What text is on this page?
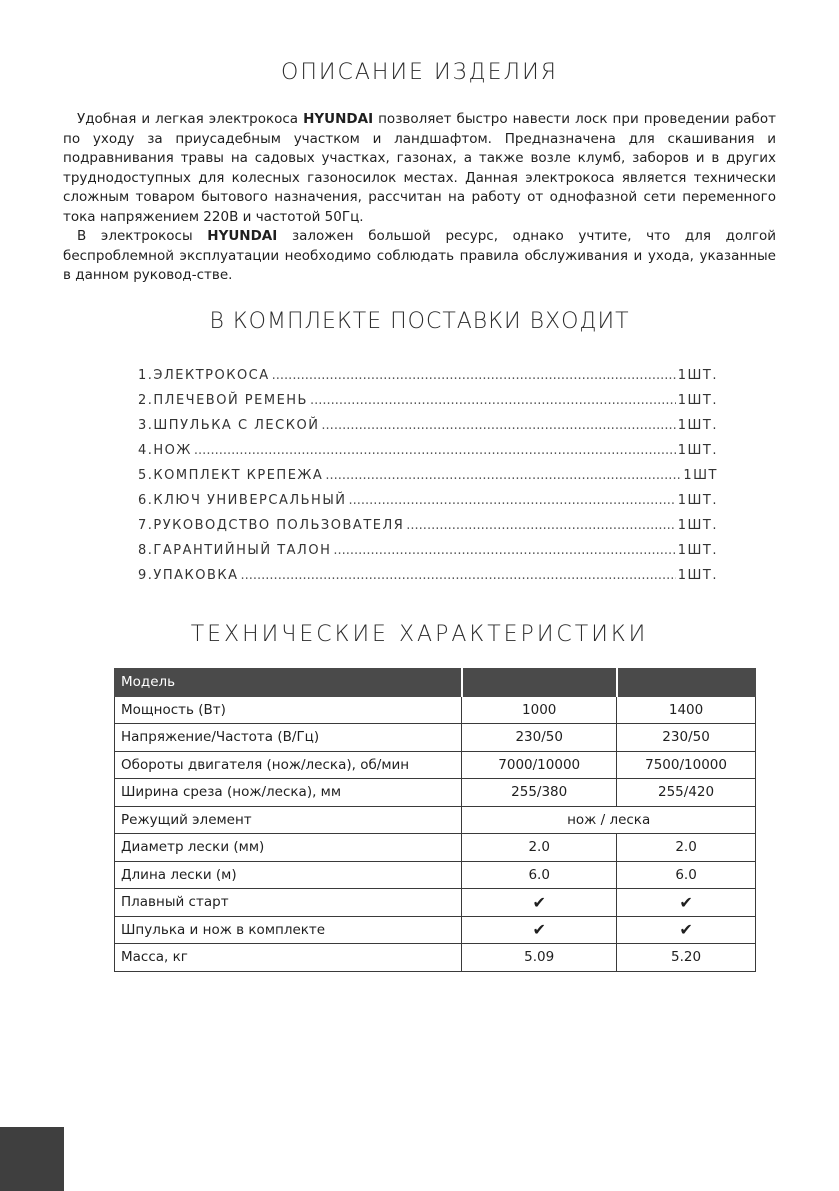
ОПИСАНИЕ ИЗДЕЛИЯ

Удобная и легкая электрокоса HYUNDAI позволяет быстро навести лоск при проведении работ по уходу за приусадебным участком и ландшафтом. Предназначена для скашивания и подравнивания травы на садовых участках, газонах, а также возле клумб, заборов и в других труднодоступных для колесных газоносилок местах. Данная электрокоса является технически сложным товаром бытового назначения, рассчитан на работу от однофазной сети переменного тока напряжением 220В и частотой 50Гц.

В электрокосы HYUNDAI заложен большой ресурс, однако учтите, что для долгой беспроблемной эксплуатации необходимо соблюдать правила обслуживания и ухода, указанные в данном руковод-стве.

В КОМПЛЕКТЕ ПОСТАВКИ ВХОДИТ
1.ЭЛЕКТРОКОСА .....	1ШТ.
2.ПЛЕЧЕВОЙ РЕМЕНЬ .....	1ШТ.
3.ШПУЛЬКА С ЛЕСКОЙ .....	1ШТ.
4.НОЖ .....	1ШТ.
5.КОМПЛЕКТ КРЕПЕЖА .....	1ШТ
6.КЛЮЧ УНИВЕРСАЛЬНЫЙ .....	1ШТ.
7.РУКОВОДСТВО ПОЛЬЗОВАТЕЛЯ .....	1ШТ.
8.ГАРАНТИЙНЫЙ ТАЛОН .....	1ШТ.
9.УПАКОВКА .....	1ШТ.
ТЕХНИЧЕСКИЕ ХАРАКТЕРИСТИКИ
Модель		
Мощность (Вт)	1000	1400
Напряжение/Частота (В/Гц)	230/50	230/50
Обороты двигателя (нож/леска), об/мин	7000/10000	7500/10000
Ширина среза (нож/леска), мм	255/380	255/420
Режущий элемент	нож / леска	
Диаметр лески (мм)	2.0	2.0
Длина лески (м)	6.0	6.0
Плавный старт	✔	✔
Шпулька и нож в комплекте	✔	✔
Масса, кг	5.09	5.20
